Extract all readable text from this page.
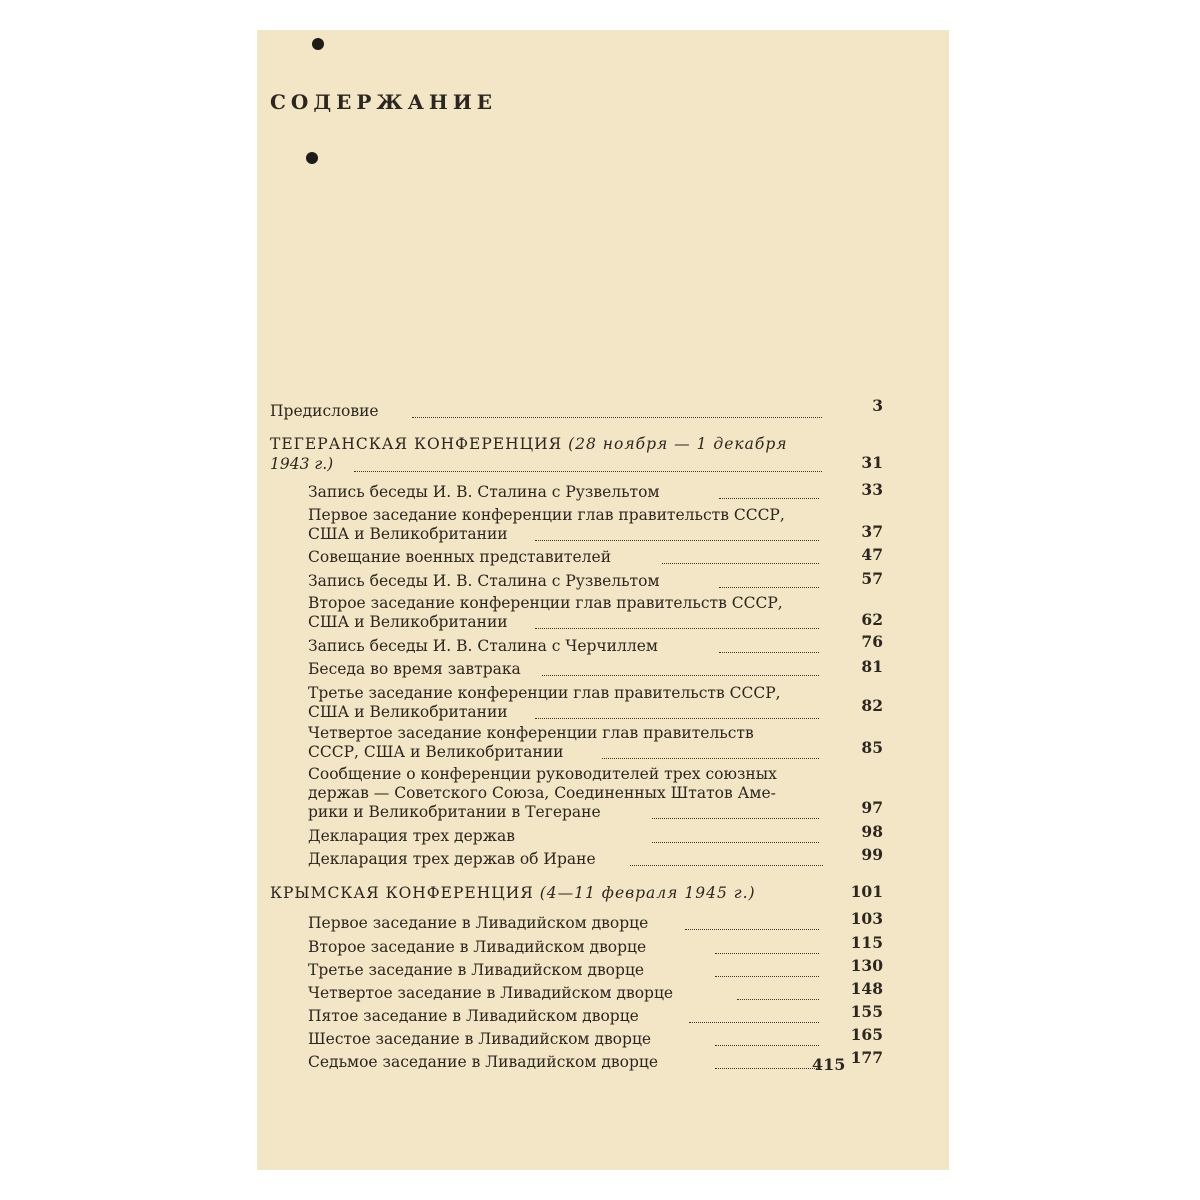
СОДЕРЖАНИЕ
Предисловие	3
ТЕГЕРАНСКАЯ КОНФЕРЕНЦИЯ (28 ноября — 1 декабря
1943 г.)	31
Запись беседы И. В. Сталина с Рузвельтом	33
Первое заседание конференции глав правительств СССР,
США и Великобритании	37
Совещание военных представителей	47
Запись беседы И. В. Сталина с Рузвельтом	57
Второе заседание конференции глав правительств СССР,
США и Великобритании	62
Запись беседы И. В. Сталина с Черчиллем	76
Беседа во время завтрака	81
Третье заседание конференции глав правительств СССР,
США и Великобритании	82
Четвертое заседание конференции глав правительств
СССР, США и Великобритании	85
Сообщение о конференции руководителей трех союзных
держав — Советского Союза, Соединенных Штатов Аме-
рики и Великобритании в Тегеране	97
Декларация трех держав	98
Декларация трех держав об Иране	99
КРЫМСКАЯ КОНФЕРЕНЦИЯ (4—11 февраля 1945 г.)	101
Первое заседание в Ливадийском дворце	103
Второе заседание в Ливадийском дворце	115
Третье заседание в Ливадийском дворце	130
Четвертое заседание в Ливадийском дворце	148
Пятое заседание в Ливадийском дворце	155
Шестое заседание в Ливадийском дворце	165
Седьмое заседание в Ливадийском дворце	177
415
